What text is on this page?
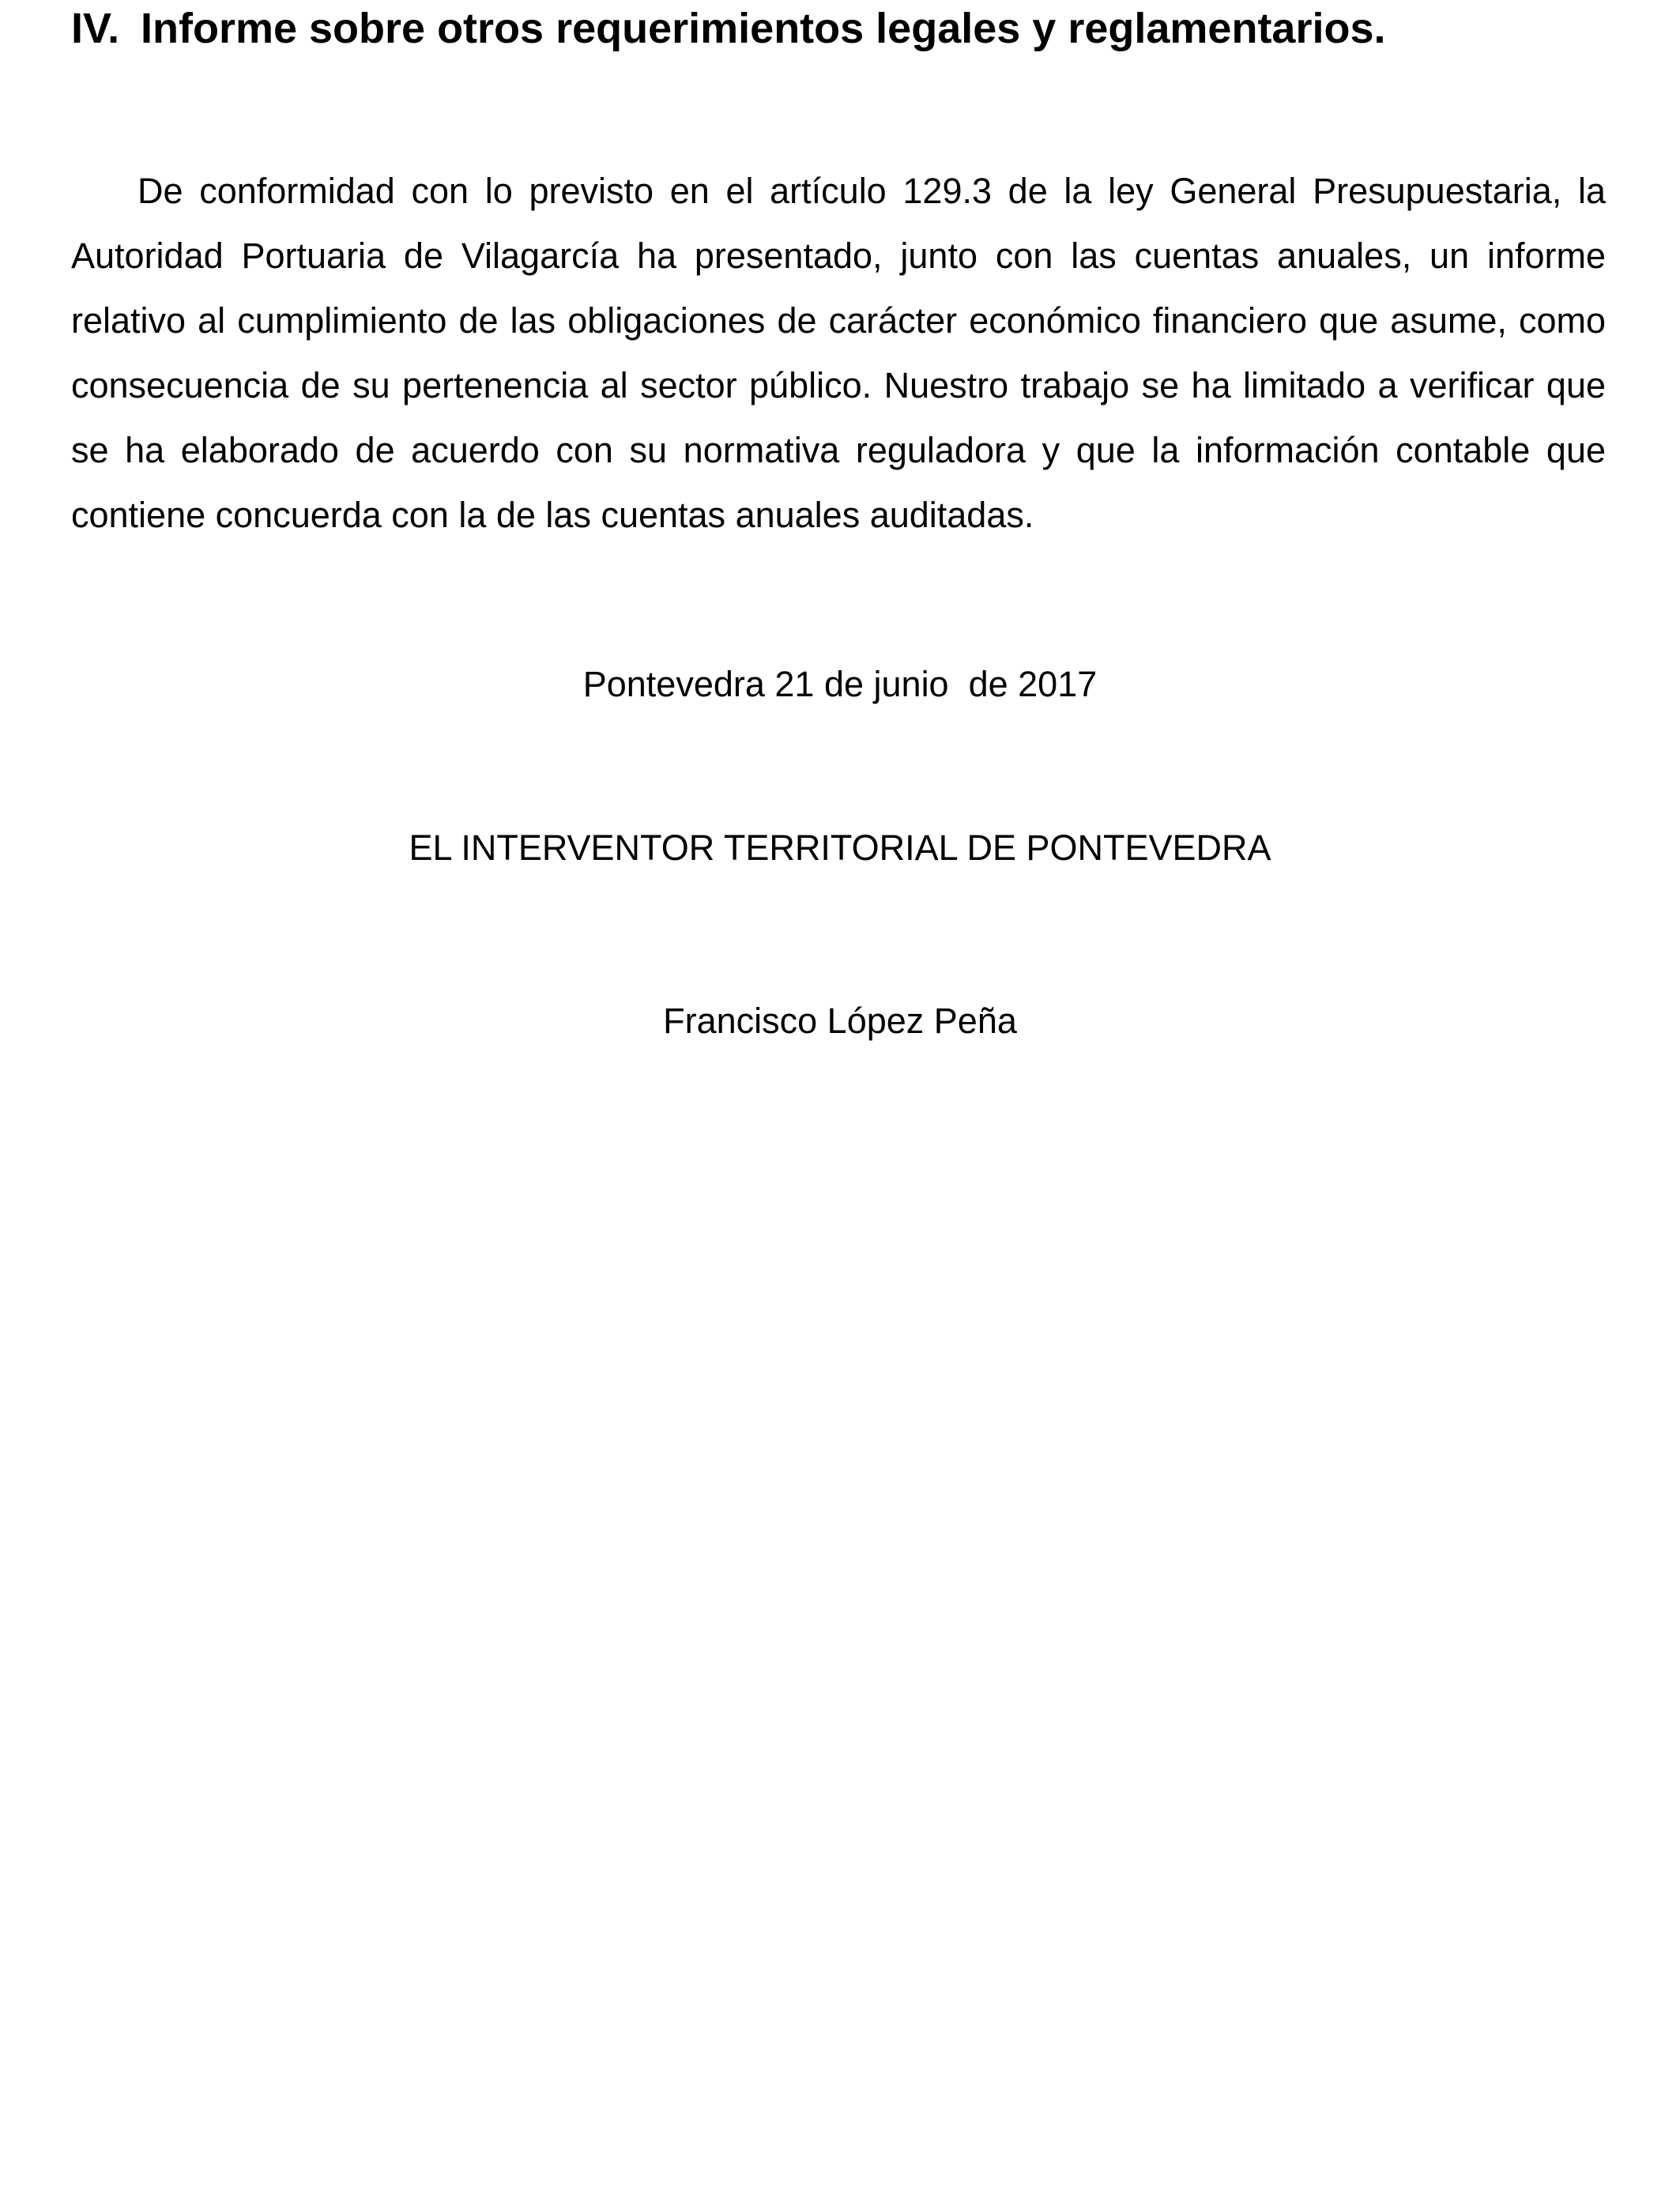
IV. Informe sobre otros requerimientos legales y reglamentarios.

De conformidad con lo previsto en el artículo 129.3 de la ley General Presupuestaria, la Autoridad Portuaria de Vilagarcía ha presentado, junto con las cuentas anuales, un informe relativo al cumplimiento de las obligaciones de carácter económico financiero que asume, como consecuencia de su pertenencia al sector público. Nuestro trabajo se ha limitado a verificar que se ha elaborado de acuerdo con su normativa reguladora y que la información contable que contiene concuerda con la de las cuentas anuales auditadas.

Pontevedra 21 de junio  de 2017
EL INTERVENTOR TERRITORIAL DE PONTEVEDRA
Francisco López Peña
